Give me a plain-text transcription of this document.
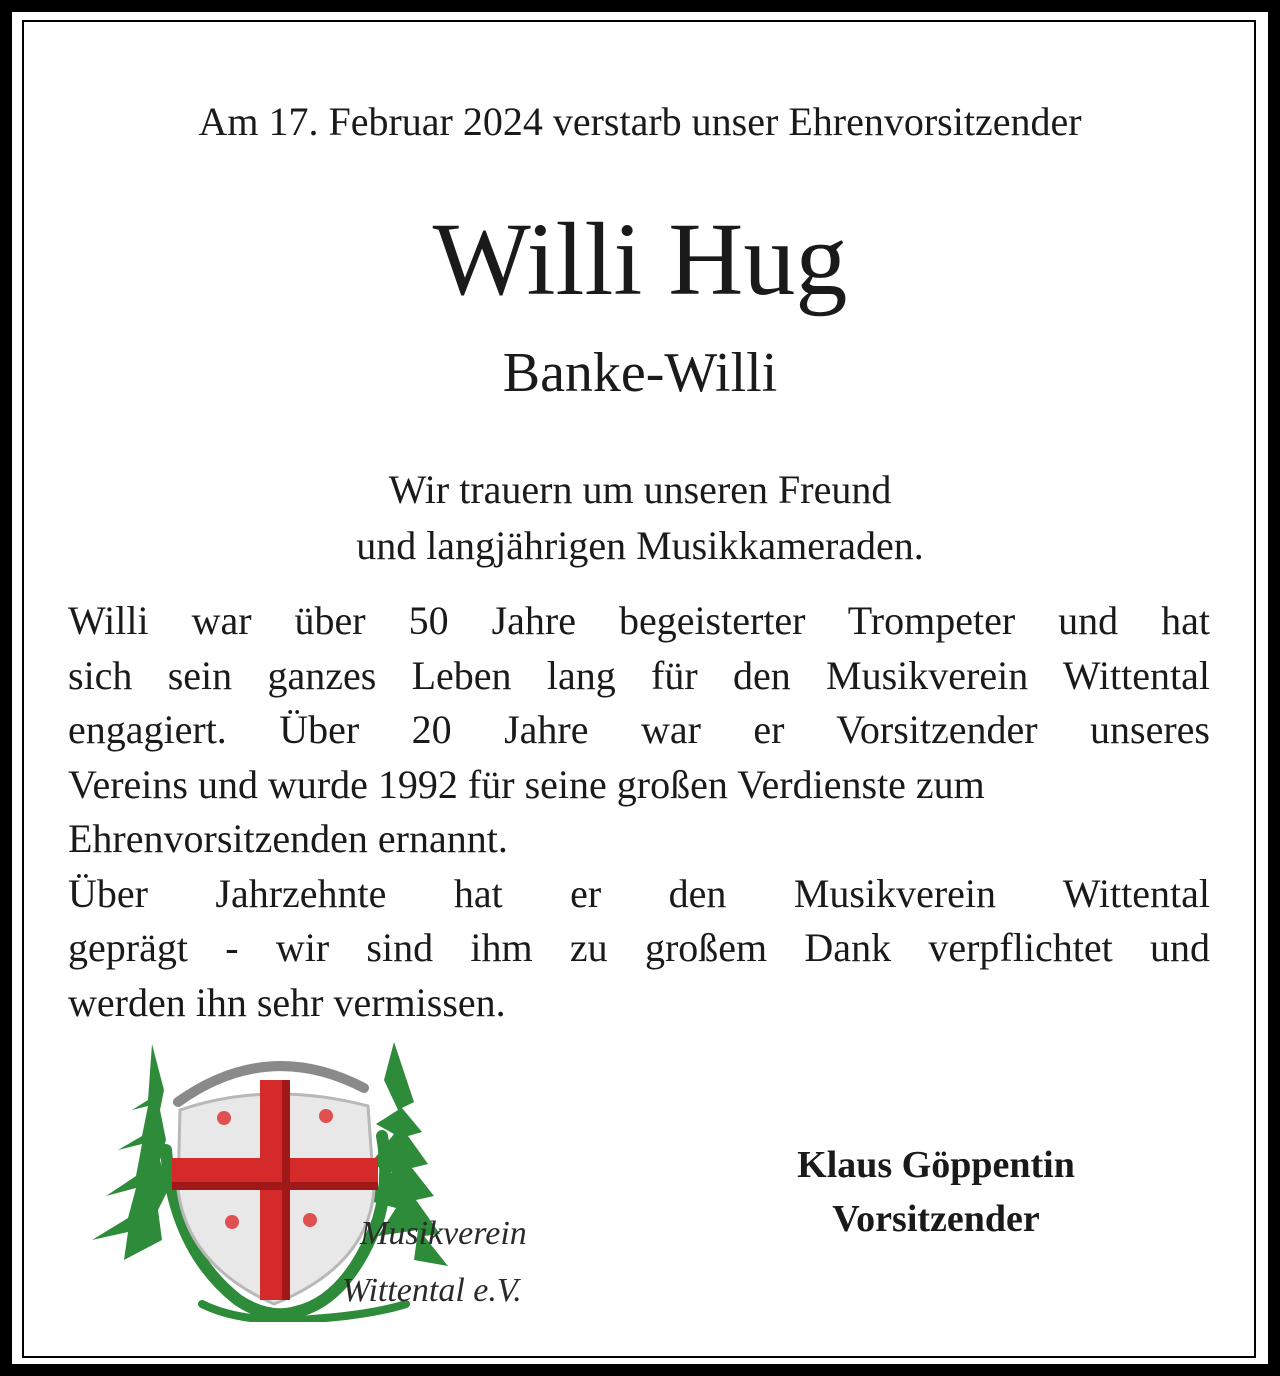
Am 17. Februar 2024 verstarb unser Ehrenvorsitzender
Willi Hug
Banke-Willi
Wir trauern um unseren Freund
und langjährigen Musikkameraden.
Willi war über 50 Jahre begeisterter Trompeter und hat
sich sein ganzes Leben lang für den Musikverein Wittental
engagiert. Über 20 Jahre war er Vorsitzender unseres
Vereins und wurde 1992 für seine großen Verdienste zum
Ehrenvorsitzenden ernannt.
Über Jahrzehnte hat er den Musikverein Wittental
geprägt - wir sind ihm zu großem Dank verpflichtet und
werden ihn sehr vermissen.
Musikverein
Wittental e.V.
Klaus Göppentin
Vorsitzender
